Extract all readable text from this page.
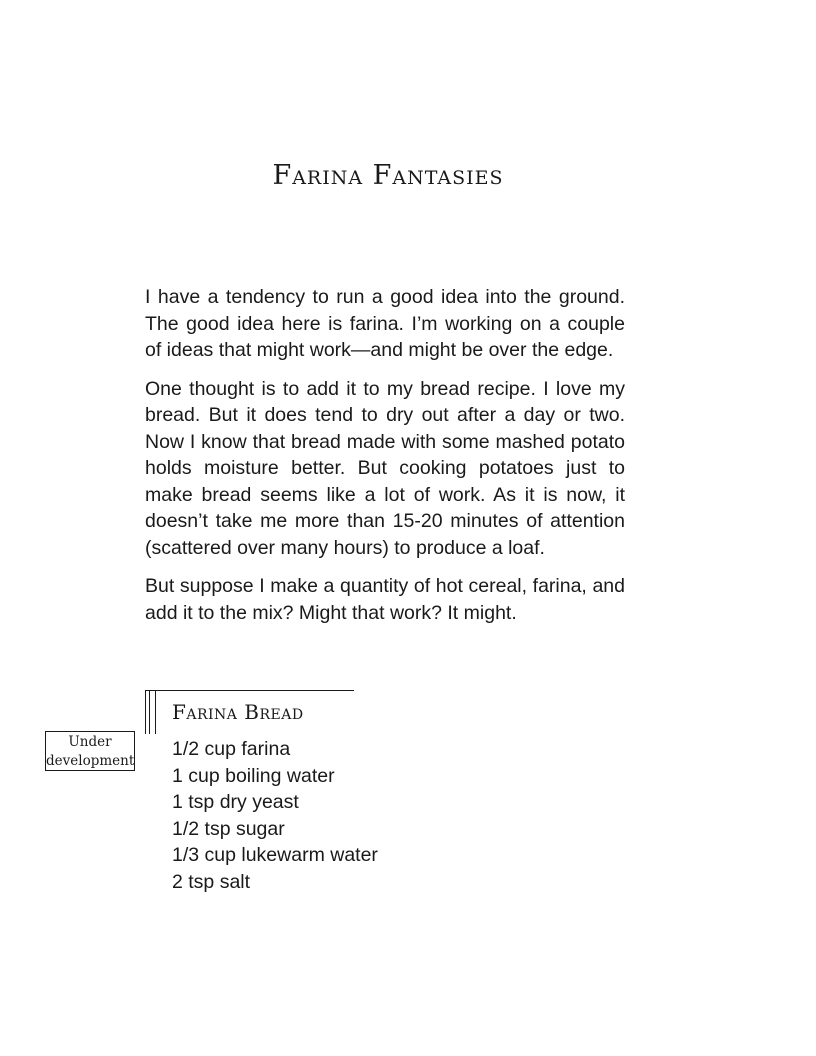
Farina Fantasies

I have a tendency to run a good idea into the ground. The good idea here is farina. I’m working on a couple of ideas that might work—and might be over the edge.

One thought is to add it to my bread recipe. I love my bread. But it does tend to dry out after a day or two. Now I know that bread made with some mashed potato holds moisture better. But cooking potatoes just to make bread seems like a lot of work. As it is now, it doesn’t take me more than 15-20 minutes of attention (scattered over many hours) to produce a loaf.

But suppose I make a quantity of hot cereal, farina, and add it to the mix? Might that work? It might.

Under
development
Farina Bread
1/2 cup farina
1 cup boiling water
1 tsp dry yeast
1/2 tsp sugar
1/3 cup lukewarm water
2 tsp salt
